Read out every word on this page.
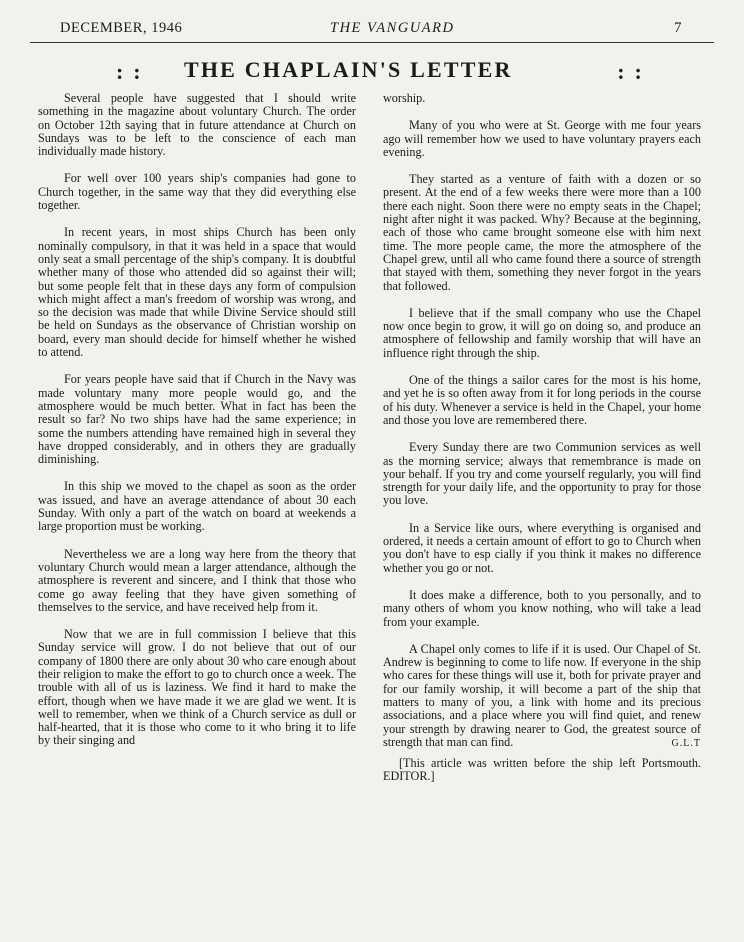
DECEMBER, 1946	THE VANGUARD	7
: : THE CHAPLAIN'S LETTER	: :

Several people have suggested that I should write something in the magazine about voluntary Church. The order on October 12th saying that in future attendance at Church on Sundays was to be left to the conscience of each man individually made history.

For well over 100 years ship's companies had gone to Church together, in the same way that they did everything else together.

In recent years, in most ships Church has been only nominally compulsory, in that it was held in a space that would only seat a small percentage of the ship's company. It is doubtful whether many of those who attended did so against their will; but some people felt that in these days any form of compulsion which might affect a man's freedom of worship was wrong, and so the decision was made that while Divine Service should still be held on Sundays as the observance of Christian worship on board, every man should decide for himself whether he wished to attend.

For years people have said that if Church in the Navy was made voluntary many more people would go, and the atmosphere would be much better. What in fact has been the result so far? No two ships have had the same experience; in some the numbers attending have remained high in several they have dropped considerably, and in others they are gradually diminishing.

In this ship we moved to the chapel as soon as the order was issued, and have an average attendance of about 30 each Sunday. With only a part of the watch on board at weekends a large proportion must be working.

Nevertheless we are a long way here from the theory that voluntary Church would mean a larger attendance, although the atmosphere is reverent and sincere, and I think that those who come go away feeling that they have given something of themselves to the service, and have received help from it.

Now that we are in full commission I believe that this Sunday service will grow. I do not believe that out of our company of 1800 there are only about 30 who care enough about their religion to make the effort to go to church once a week. The trouble with all of us is laziness. We find it hard to make the effort, though when we have made it we are glad we went. It is well to remember, when we think of a Church service as dull or half-hearted, that it is those who come to it who bring it to life by their singing and

worship.

Many of you who were at St. George with me four years ago will remember how we used to have voluntary prayers each evening.

They started as a venture of faith with a dozen or so present. At the end of a few weeks there were more than a 100 there each night. Soon there were no empty seats in the Chapel; night after night it was packed. Why? Because at the beginning, each of those who came brought someone else with him next time. The more people came, the more the atmosphere of the Chapel grew, until all who came found there a source of strength that stayed with them, something they never forgot in the years that followed.

I believe that if the small company who use the Chapel now once begin to grow, it will go on doing so, and produce an atmosphere of fellowship and family worship that will have an influence right through the ship.

One of the things a sailor cares for the most is his home, and yet he is so often away from it for long periods in the course of his duty. Whenever a service is held in the Chapel, your home and those you love are remembered there.

Every Sunday there are two Communion services as well as the morning service; always that remembrance is made on your behalf. If you try and come yourself regularly, you will find strength for your daily life, and the opportunity to pray for those you love.

In a Service like ours, where everything is organised and ordered, it needs a certain amount of effort to go to Church when you don't have to esp cially if you think it makes no difference whether you go or not.

It does make a difference, both to you personally, and to many others of whom you know nothing, who will take a lead from your example.

A Chapel only comes to life if it is used. Our Chapel of St. Andrew is beginning to come to life now. If everyone in the ship who cares for these things will use it, both for private prayer and for our family worship, it will become a part of the ship that matters to many of you, a link with home and its precious associations, and a place where you will find quiet, and renew your strength by drawing nearer to God, the greatest source of strength that man can find.	G.L.T

[This article was written before the ship left Portsmouth. EDITOR.]
